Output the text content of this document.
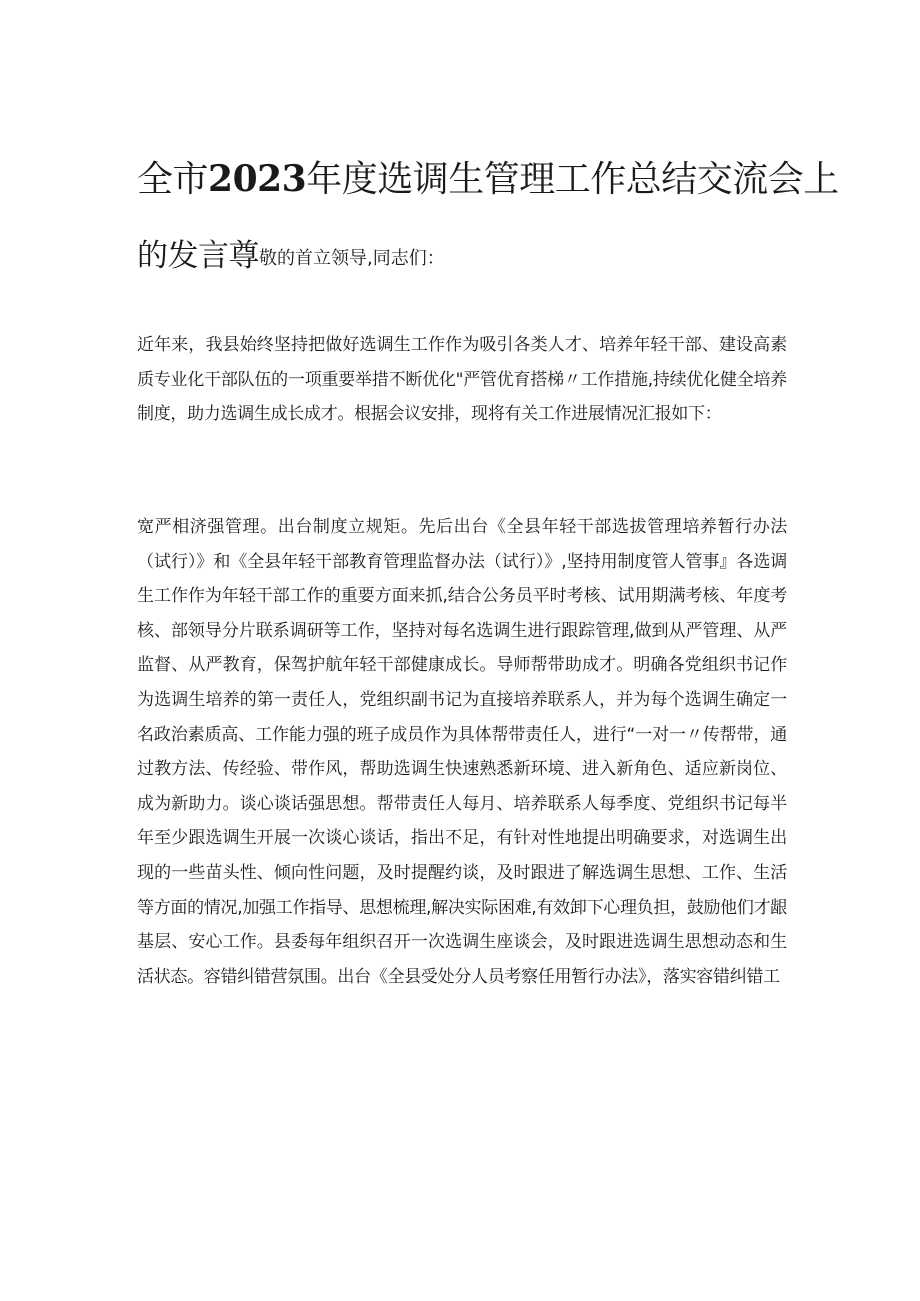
全市2023年度选调生管理工作总结交流会上
的发言尊敬的首立领导,同志们：

近年来，我县始终坚持把做好选调生工作作为吸引各类人才、培养年轻干部、建设高素质专业化干部队伍的一项重要举措不断优化"严管优育搭梯〃工作措施,持续优化健全培养制度，助力选调生成长成才。根据会议安排，现将有关工作进展情况汇报如下：

宽严相济强管理。出台制度立规矩。先后出台《全县年轻干部选拔管理培养暂行办法（试行）》和《全县年轻干部教育管理监督办法（试行）》,坚持用制度管人管事』各选调生工作作为年轻干部工作的重要方面来抓,结合公务员平时考核、试用期满考核、年度考核、部领导分片联系调研等工作，坚持对每名选调生进行跟踪管理,做到从严管理、从严监督、从严教育，保驾护航年轻干部健康成长。导师帮带助成才。明确各党组织书记作为选调生培养的第一责任人，党组织副书记为直接培养联系人，并为每个选调生确定一名政治素质高、工作能力强的班子成员作为具体帮带责任人，进行“一对一〃传帮带，通过教方法、传经验、带作风，帮助选调生快速熟悉新环境、进入新角色、适应新岗位、成为新助力。谈心谈话强思想。帮带责任人每月、培养联系人每季度、党组织书记每半年至少跟选调生开展一次谈心谈话，指出不足，有针对性地提出明确要求，对选调生出现的一些苗头性、倾向性问题，及时提醒约谈，及时跟进了解选调生思想、工作、生活等方面的情况,加强工作指导、思想梳理,解决实际困难,有效卸下心理负担，鼓励他们才龈基层、安心工作。县委每年组织召开一次选调生座谈会，及时跟进选调生思想动态和生活状态。容错纠错营氛围。出台《全县受处分人员考察任用暂行办法》，落实容错纠错工
